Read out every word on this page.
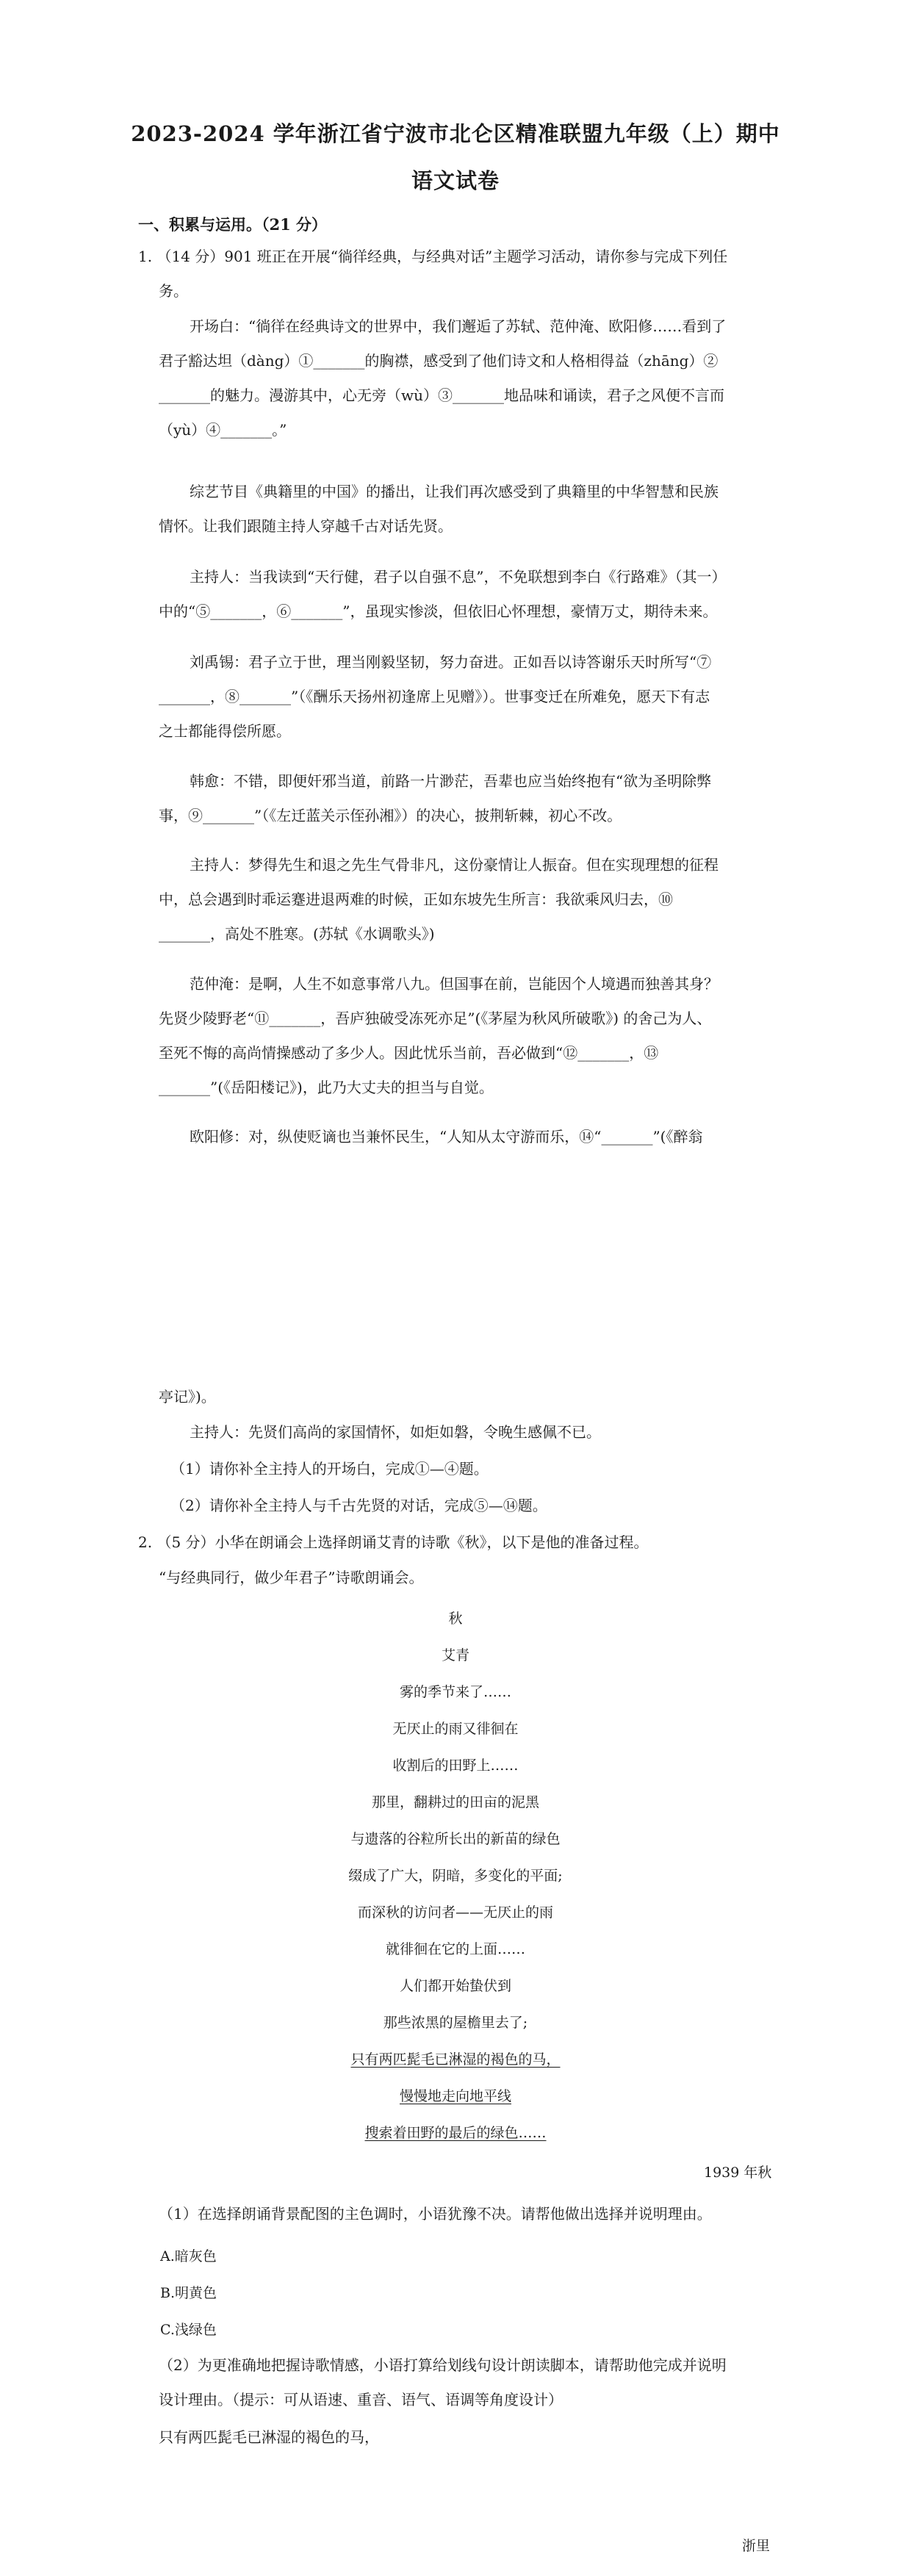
2023-2024 学年浙江省宁波市北仑区精准联盟九年级（上）期中
语文试卷
一、积累与运用。（21 分）
1. （14 分）901 班正在开展“徜徉经典，与经典对话”主题学习活动，请你参与完成下列任
务。
开场白：“徜徉在经典诗文的世界中，我们邂逅了苏轼、范仲淹、欧阳修……看到了
君子豁达坦（dàng）①_______的胸襟，感受到了他们诗文和人格相得益（zhāng）②
_______的魅力。漫游其中，心无旁（wù）③_______地品味和诵读，君子之风便不言而
（yù）④_______。”
综艺节目《典籍里的中国》的播出，让我们再次感受到了典籍里的中华智慧和民族
情怀。让我们跟随主持人穿越千古对话先贤。
主持人：当我读到“天行健，君子以自强不息”，不免联想到李白《行路难》（其一）
中的“⑤_______，⑥_______”，虽现实惨淡，但依旧心怀理想，豪情万丈，期待未来。
刘禹锡：君子立于世，理当刚毅坚韧，努力奋进。正如吾以诗答谢乐天时所写“⑦
_______，⑧_______”（《酬乐天扬州初逢席上见赠》）。世事变迁在所难免，愿天下有志
之士都能得偿所愿。
韩愈：不错，即便奸邪当道，前路一片渺茫，吾辈也应当始终抱有“欲为圣明除弊
事，⑨_______”（《左迁蓝关示侄孙湘》）的决心，披荆斩棘，初心不改。
主持人：梦得先生和退之先生气骨非凡，这份豪情让人振奋。但在实现理想的征程
中，总会遇到时乖运蹇进退两难的时候，正如东坡先生所言：我欲乘风归去，⑩
_______，高处不胜寒。(苏轼《水调歌头》)
范仲淹：是啊，人生不如意事常八九。但国事在前，岂能因个人境遇而独善其身？
先贤少陵野老“⑪_______，吾庐独破受冻死亦足”(《茅屋为秋风所破歌》) 的舍己为人、
至死不悔的高尚情操感动了多少人。因此忧乐当前，吾必做到“⑫_______，⑬
_______”(《岳阳楼记》)，此乃大丈夫的担当与自觉。
欧阳修：对，纵使贬谪也当兼怀民生，“人知从太守游而乐，⑭“_______”(《醉翁
亭记》)。
主持人：先贤们高尚的家国情怀，如炬如磐，令晚生感佩不已。
（1）请你补全主持人的开场白，完成①—④题。
（2）请你补全主持人与千古先贤的对话，完成⑤—⑭题。
2. （5 分）小华在朗诵会上选择朗诵艾青的诗歌《秋》，以下是他的准备过程。
“与经典同行，做少年君子”诗歌朗诵会。
秋
艾青
雾的季节来了……
无厌止的雨又徘徊在
收割后的田野上……
那里，翻耕过的田亩的泥黑
与遗落的谷粒所长出的新苗的绿色
缀成了广大，阴暗，多变化的平面;
而深秋的访问者——无厌止的雨
就徘徊在它的上面……
人们都开始蛰伏到
那些浓黑的屋檐里去了;
只有两匹髭毛已淋湿的褐色的马，
慢慢地走向地平线
搜索着田野的最后的绿色……
1939 年秋
（1）在选择朗诵背景配图的主色调时，小语犹豫不决。请帮他做出选择并说明理由。
A.暗灰色
B.明黄色
C.浅绿色
（2）为更准确地把握诗歌情感，小语打算给划线句设计朗读脚本，请帮助他完成并说明
设计理由。（提示：可从语速、重音、语气、语调等角度设计）
只有两匹髭毛已淋湿的褐色的马，
浙里
